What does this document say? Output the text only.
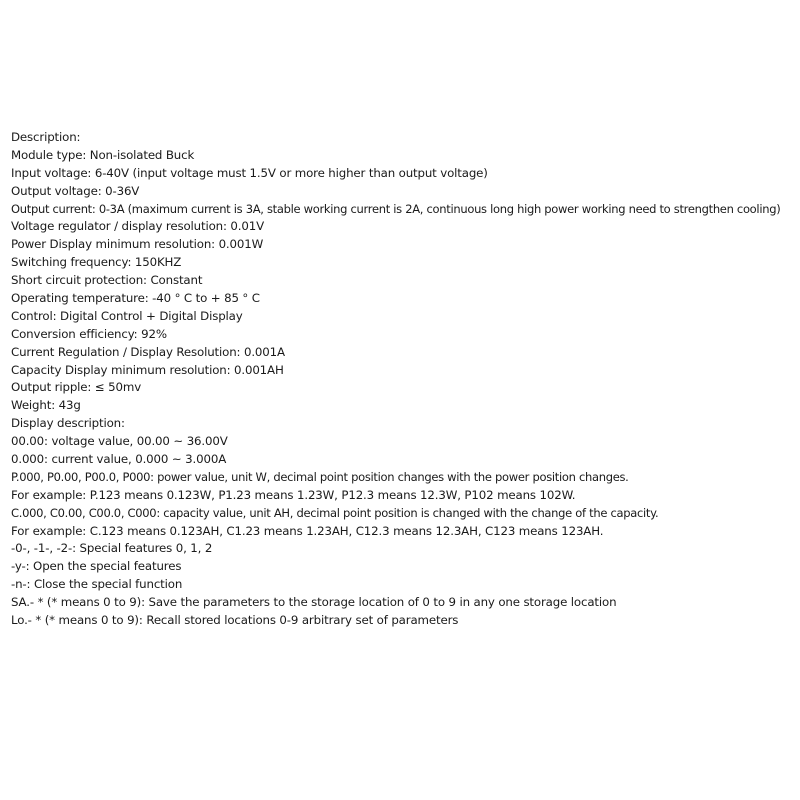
Description:
Module type: Non-isolated Buck
Input voltage: 6-40V (input voltage must 1.5V or more higher than output voltage)
Output voltage: 0-36V
Output current: 0-3A (maximum current is 3A, stable working current is 2A, continuous long high power working need to strengthen cooling)
Voltage regulator / display resolution: 0.01V
Power Display minimum resolution: 0.001W
Switching frequency: 150KHZ
Short circuit protection: Constant
Operating temperature: -40 ° C to + 85 ° C
Control: Digital Control + Digital Display
Conversion efficiency: 92%
Current Regulation / Display Resolution: 0.001A
Capacity Display minimum resolution: 0.001AH
Output ripple: ≤ 50mv
Weight: 43g
Display description:
00.00: voltage value, 00.00 ~ 36.00V
0.000: current value, 0.000 ~ 3.000A
P.000, P0.00, P00.0, P000: power value, unit W, decimal point position changes with the power position changes.
For example: P.123 means 0.123W, P1.23 means 1.23W, P12.3 means 12.3W, P102 means 102W.
C.000, C0.00, C00.0, C000: capacity value, unit AH, decimal point position is changed with the change of the capacity.
For example: C.123 means 0.123AH, C1.23 means 1.23AH, C12.3 means 12.3AH, C123 means 123AH.
-0-, -1-, -2-: Special features 0, 1, 2
-y-: Open the special features
-n-: Close the special function
SA.- * (* means 0 to 9): Save the parameters to the storage location of 0 to 9 in any one storage location
Lo.- * (* means 0 to 9): Recall stored locations 0-9 arbitrary set of parameters
